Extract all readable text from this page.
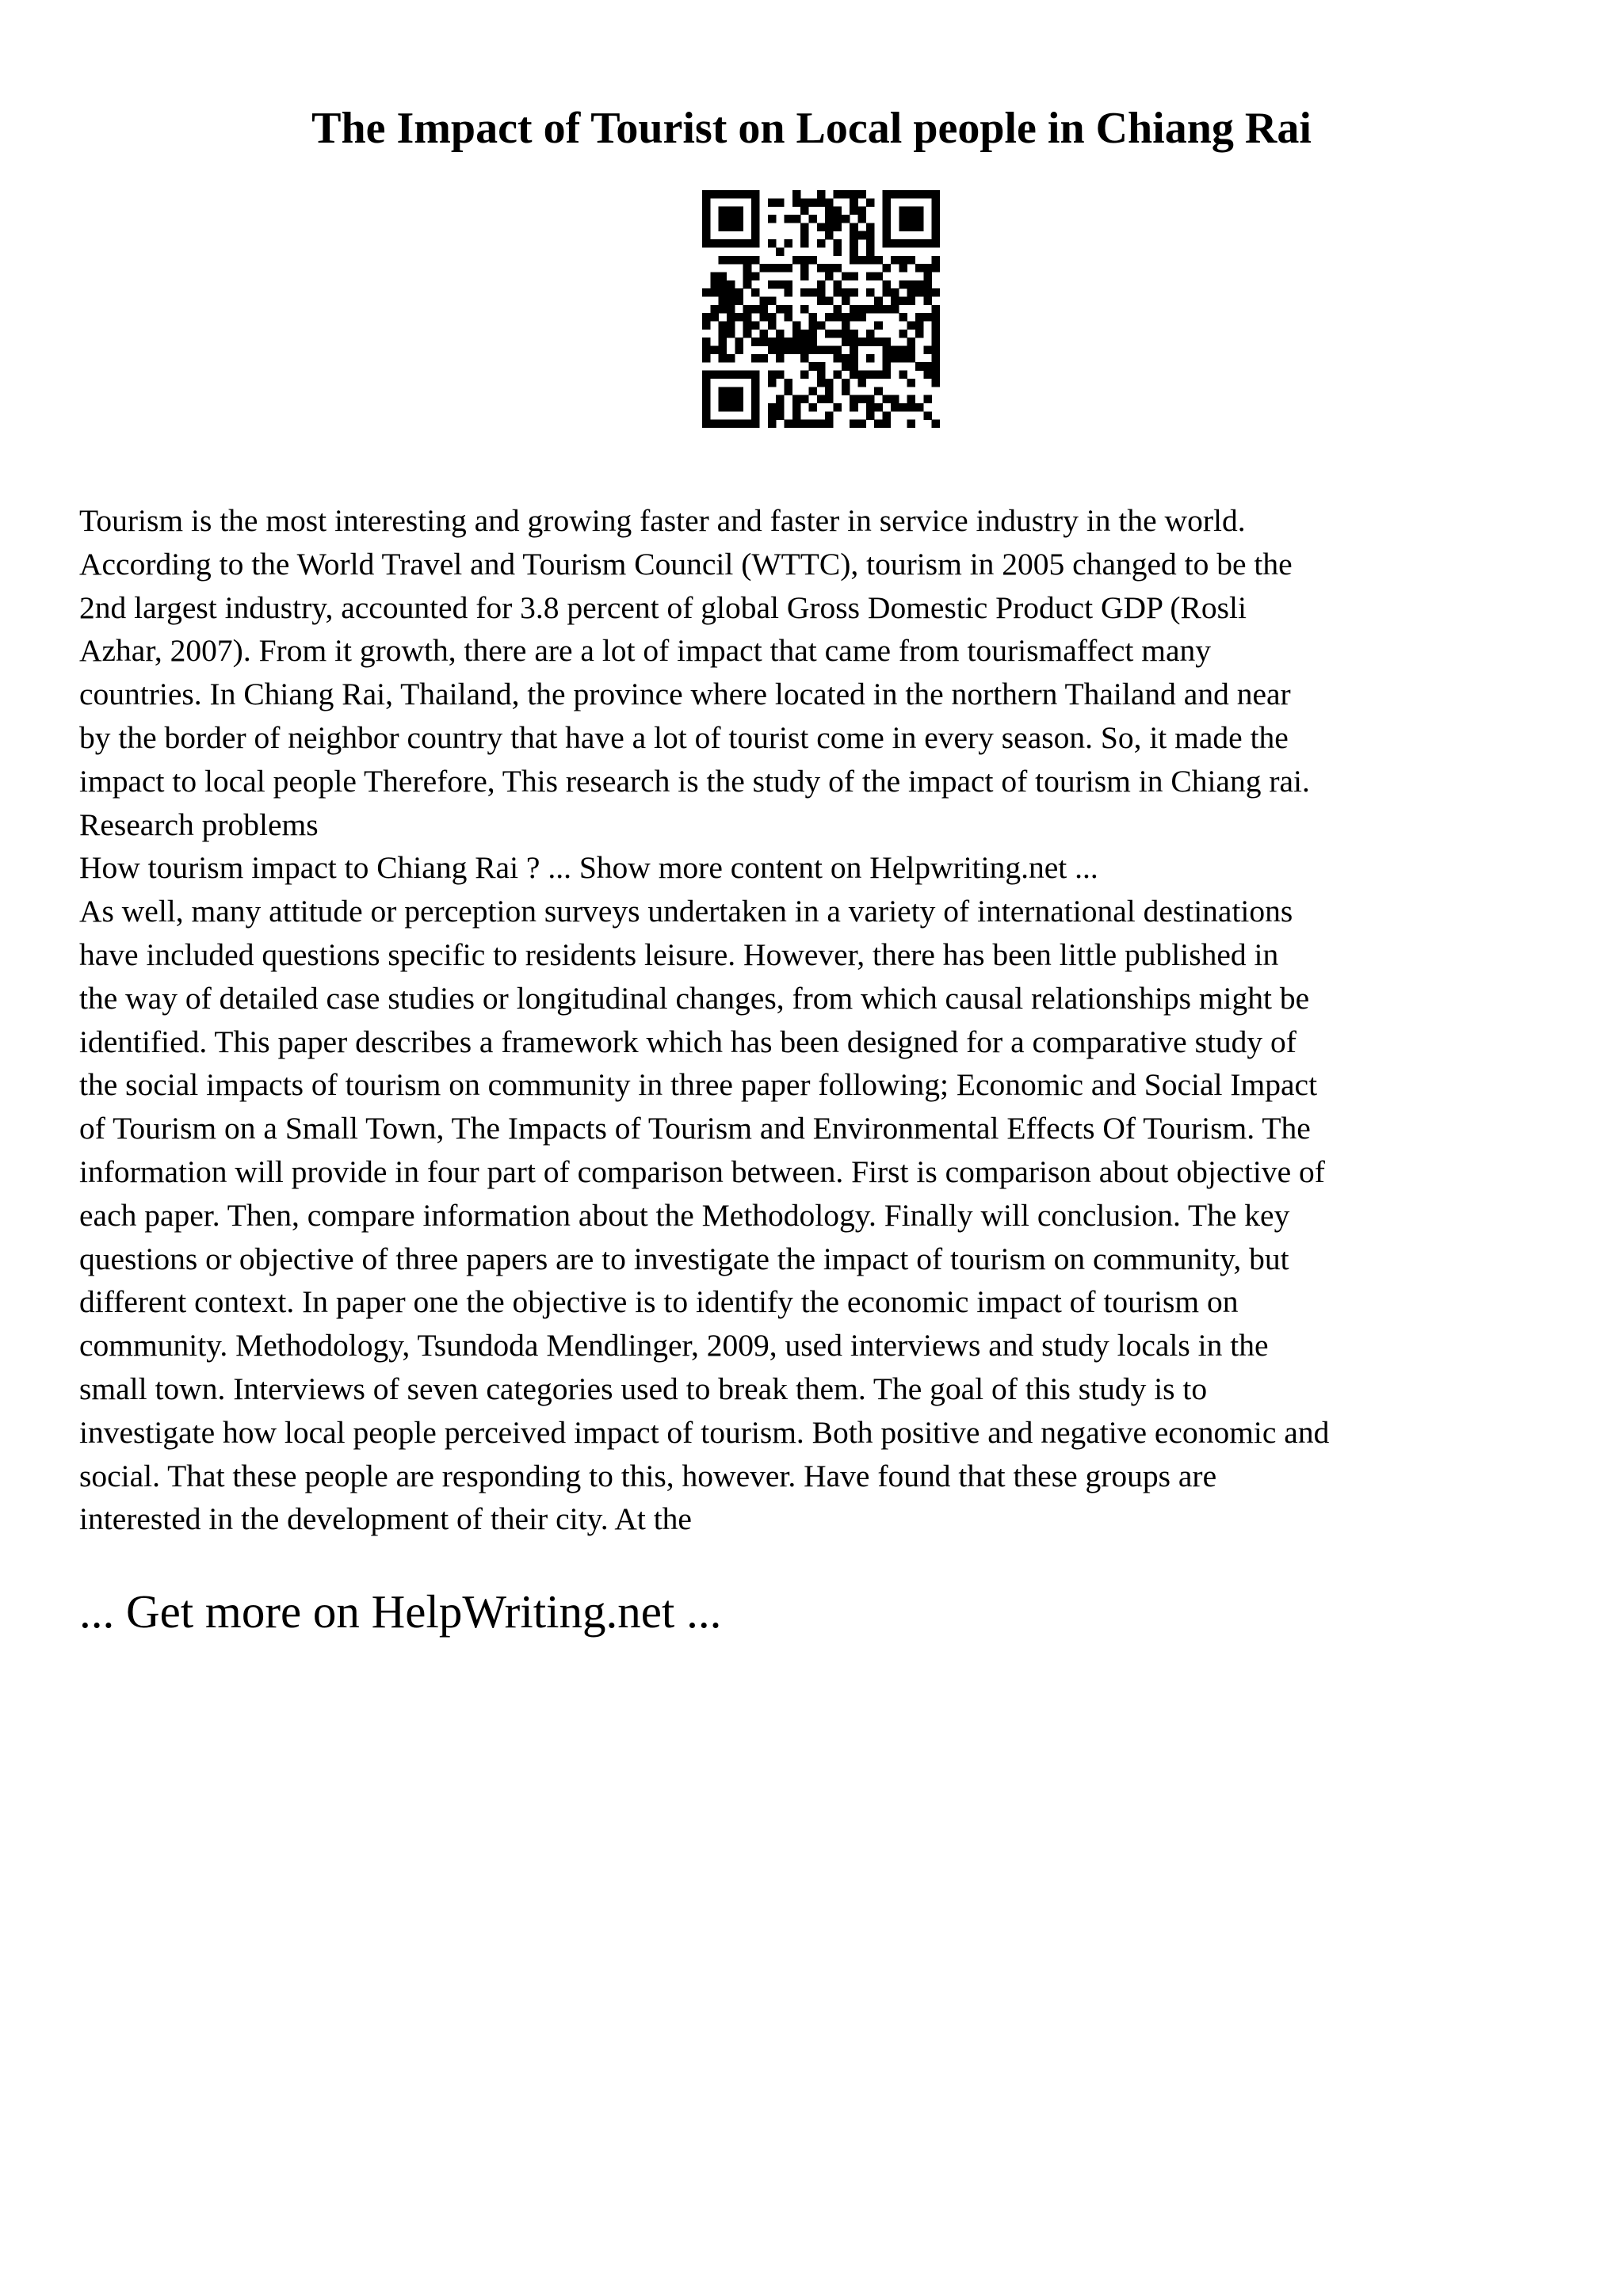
The Impact of Tourist on Local people in Chiang Rai
Tourism is the most interesting and growing faster and faster in service industry in the world.
According to the World Travel and Tourism Council (WTTC), tourism in 2005 changed to be the
2nd largest industry, accounted for 3.8 percent of global Gross Domestic Product GDP (Rosli
Azhar, 2007). From it growth, there are a lot of impact that came from tourismaffect many
countries. In Chiang Rai, Thailand, the province where located in the northern Thailand and near
by the border of neighbor country that have a lot of tourist come in every season. So, it made the
impact to local people Therefore, This research is the study of the impact of tourism in Chiang rai.
Research problems
How tourism impact to Chiang Rai ? ... Show more content on Helpwriting.net ...
As well, many attitude or perception surveys undertaken in a variety of international destinations
have included questions specific to residents leisure. However, there has been little published in
the way of detailed case studies or longitudinal changes, from which causal relationships might be
identified. This paper describes a framework which has been designed for a comparative study of
the social impacts of tourism on community in three paper following; Economic and Social Impact
of Tourism on a Small Town, The Impacts of Tourism and Environmental Effects Of Tourism. The
information will provide in four part of comparison between. First is comparison about objective of
each paper. Then, compare information about the Methodology. Finally will conclusion. The key
questions or objective of three papers are to investigate the impact of tourism on community, but
different context. In paper one the objective is to identify the economic impact of tourism on
community. Methodology, Tsundoda Mendlinger, 2009, used interviews and study locals in the
small town. Interviews of seven categories used to break them. The goal of this study is to
investigate how local people perceived impact of tourism. Both positive and negative economic and
social. That these people are responding to this, however. Have found that these groups are
interested in the development of their city. At the

... Get more on HelpWriting.net ...
